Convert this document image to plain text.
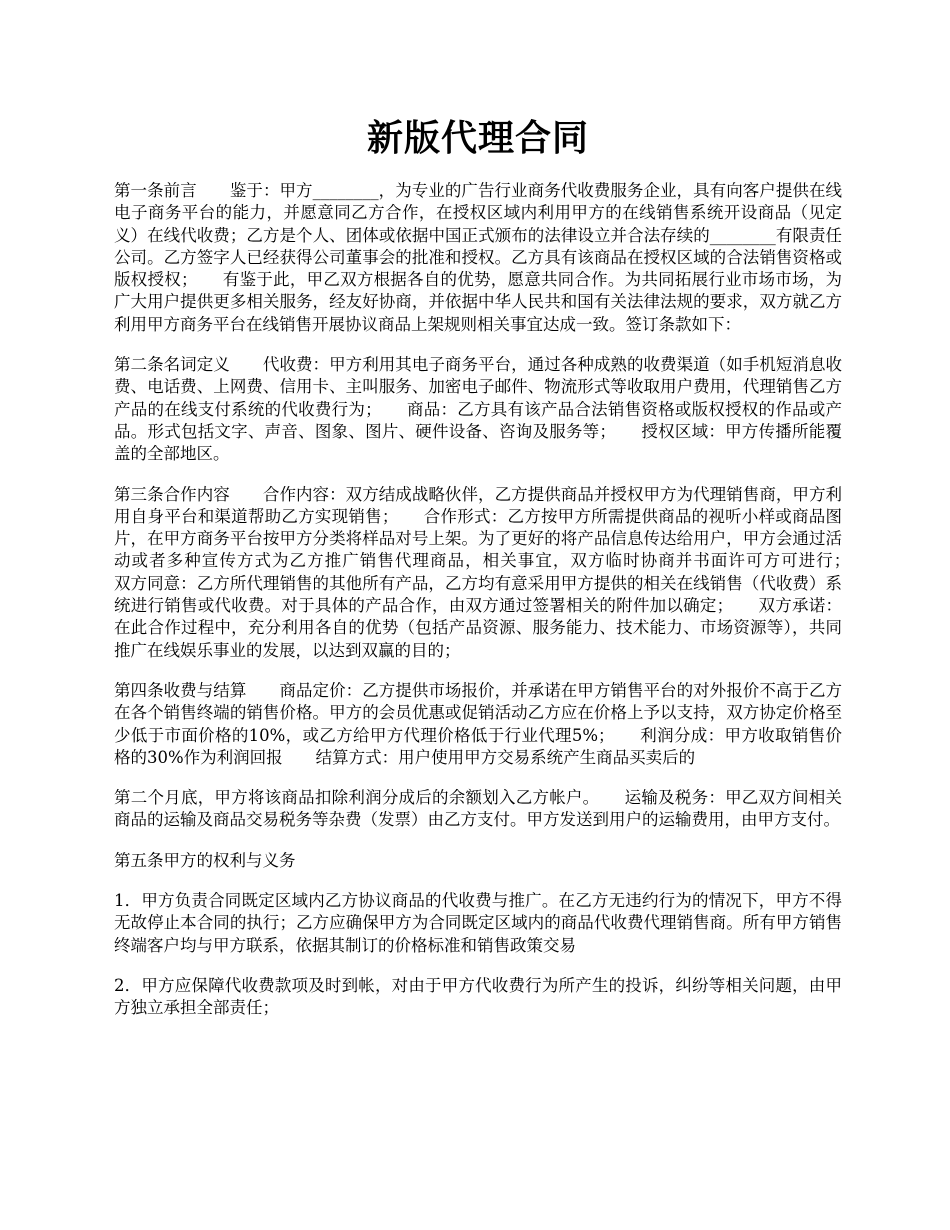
新版代理合同

第一条前言　　鉴于：甲方________，为专业的广告行业商务代收费服务企业，具有向客户提供在线电子商务平台的能力，并愿意同乙方合作，在授权区域内利用甲方的在线销售系统开设商品（见定义）在线代收费；乙方是个人、团体或依据中国正式颁布的法律设立并合法存续的________有限责任公司。乙方签字人已经获得公司董事会的批准和授权。乙方具有该商品在授权区域的合法销售资格或版权授权；　　有鉴于此，甲乙双方根据各自的优势，愿意共同合作。为共同拓展行业市场市场，为广大用户提供更多相关服务，经友好协商，并依据中华人民共和国有关法律法规的要求，双方就乙方利用甲方商务平台在线销售开展协议商品上架规则相关事宜达成一致。签订条款如下：

第二条名词定义　　代收费：甲方利用其电子商务平台，通过各种成熟的收费渠道（如手机短消息收费、电话费、上网费、信用卡、主叫服务、加密电子邮件、物流形式等收取用户费用，代理销售乙方产品的在线支付系统的代收费行为；　　商品：乙方具有该产品合法销售资格或版权授权的作品或产品。形式包括文字、声音、图象、图片、硬件设备、咨询及服务等；　　授权区域：甲方传播所能覆盖的全部地区。

第三条合作内容　　合作内容：双方结成战略伙伴，乙方提供商品并授权甲方为代理销售商，甲方利用自身平台和渠道帮助乙方实现销售；　　合作形式：乙方按甲方所需提供商品的视听小样或商品图片，在甲方商务平台按甲方分类将样品对号上架。为了更好的将产品信息传达给用户，甲方会通过活动或者多种宣传方式为乙方推广销售代理商品，相关事宜，双方临时协商并书面许可方可进行；　　双方同意：乙方所代理销售的其他所有产品，乙方均有意采用甲方提供的相关在线销售（代收费）系统进行销售或代收费。对于具体的产品合作，由双方通过签署相关的附件加以确定；　　双方承诺：在此合作过程中，充分利用各自的优势（包括产品资源、服务能力、技术能力、市场资源等），共同推广在线娱乐事业的发展，以达到双赢的目的；

第四条收费与结算　　商品定价：乙方提供市场报价，并承诺在甲方销售平台的对外报价不高于乙方在各个销售终端的销售价格。甲方的会员优惠或促销活动乙方应在价格上予以支持，双方协定价格至少低于市面价格的10%，或乙方给甲方代理价格低于行业代理5%；　　利润分成：甲方收取销售价格的30%作为利润回报　　结算方式：用户使用甲方交易系统产生商品买卖后的

第二个月底，甲方将该商品扣除利润分成后的余额划入乙方帐户。　　运输及税务：甲乙双方间相关商品的运输及商品交易税务等杂费（发票）由乙方支付。甲方发送到用户的运输费用，由甲方支付。

第五条甲方的权利与义务

1．甲方负责合同既定区域内乙方协议商品的代收费与推广。在乙方无违约行为的情况下，甲方不得无故停止本合同的执行；乙方应确保甲方为合同既定区域内的商品代收费代理销售商。所有甲方销售终端客户均与甲方联系，依据其制订的价格标准和销售政策交易

2．甲方应保障代收费款项及时到帐，对由于甲方代收费行为所产生的投诉，纠纷等相关问题，由甲方独立承担全部责任；
